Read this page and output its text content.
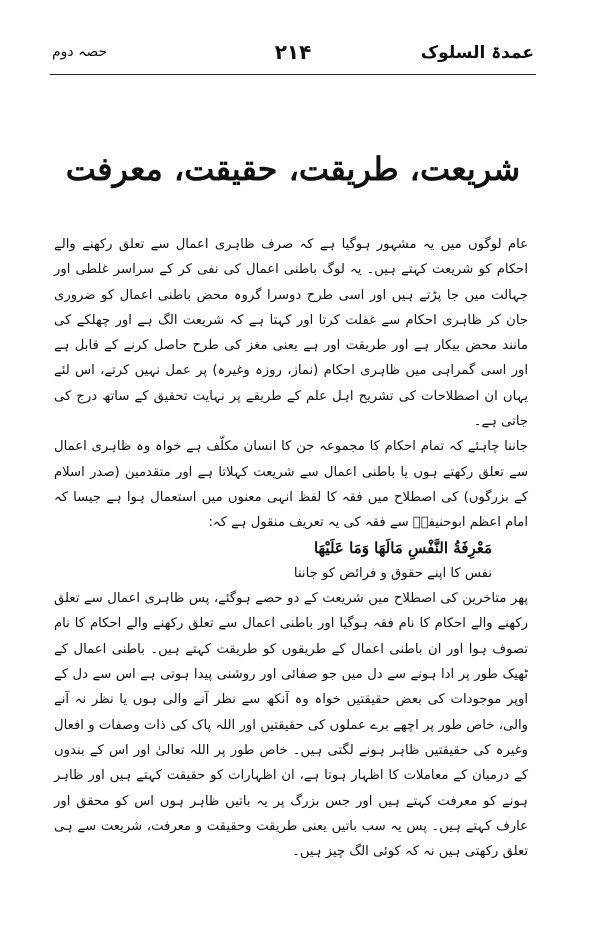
عمدۃ السلوک
۲۱۴
حصہ دوم
شریعت، طریقت، حقیقت، معرفت

عام لوگوں میں یہ مشہور ہوگیا ہے کہ صرف ظاہری اعمال سے تعلق رکھنے والے احکام کو شریعت کہتے ہیں۔ یہ لوگ باطنی اعمال کی نفی کر کے سراسر غلطی اور جہالت میں جا پڑتے ہیں اور اسی طرح دوسرا گروہ محض باطنی اعمال کو ضروری جان کر ظاہری احکام سے غفلت کرتا اور کہتا ہے کہ شریعت الگ ہے اور چھلکے کی مانند محض بیکار ہے اور طریقت اور ہے یعنی مغز کی طرح حاصل کرنے کے قابل ہے اور اسی گمراہی میں ظاہری احکام (نماز، روزہ وغیرہ) پر عمل نہیں کرتے، اس لئے یہاں ان اصطلاحات کی تشریح اہل علم کے طریقے پر نہایت تحقیق کے ساتھ درج کی جاتی ہے۔

جاننا چاہئے کہ تمام احکام کا مجموعہ جن کا انسان مکلّف ہے خواہ وہ ظاہری اعمال سے تعلق رکھتے ہوں یا باطنی اعمال سے شریعت کہلاتا ہے اور متقدمین (صدر اسلام کے بزرگوں) کی اصطلاح میں فقہ کا لفظ انہی معنوں میں استعمال ہوا ہے جیسا کہ امام اعظم ابوحنیفہؒ سے فقہ کی یہ تعریف منقول ہے کہ:

مَعْرِفَةُ النَّفْسِ مَالَهَا وَمَا عَلَيْهَا

نفس کا اپنے حقوق و فرائض کو جاننا

پھر متاخرین کی اصطلاح میں شریعت کے دو حصے ہوگئے، پس ظاہری اعمال سے تعلق رکھنے والے احکام کا نام فقہ ہوگیا اور باطنی اعمال سے تعلق رکھنے والے احکام کا نام تصوف ہوا اور ان باطنی اعمال کے طریقوں کو طریقت کہتے ہیں۔ باطنی اعمال کے ٹھیک طور پر ادا ہونے سے دل میں جو صفائی اور روشنی پیدا ہوتی ہے اس سے دل کے اوپر موجودات کی بعض حقیقتیں خواہ وہ آنکھ سے نظر آنے والی ہوں یا نظر نہ آنے والی، خاص طور پر اچھے برے عملوں کی حقیقتیں اور اللہ پاک کی ذات وصفات و افعال وغیرہ کی حقیقتیں ظاہر ہونے لگتی ہیں۔ خاص طور پر اللہ تعالیٰ اور اس کے بندوں کے درمیان کے معاملات کا اظہار ہوتا ہے، ان اظہارات کو حقیقت کہتے ہیں اور ظاہر ہونے کو معرفت کہتے ہیں اور جس بزرگ پر یہ باتیں ظاہر ہوں اس کو محقق اور عارف کہتے ہیں۔ پس یہ سب باتیں یعنی طریقت وحقیقت و معرفت، شریعت سے ہی تعلق رکھتی ہیں نہ کہ کوئی الگ چیز ہیں۔
